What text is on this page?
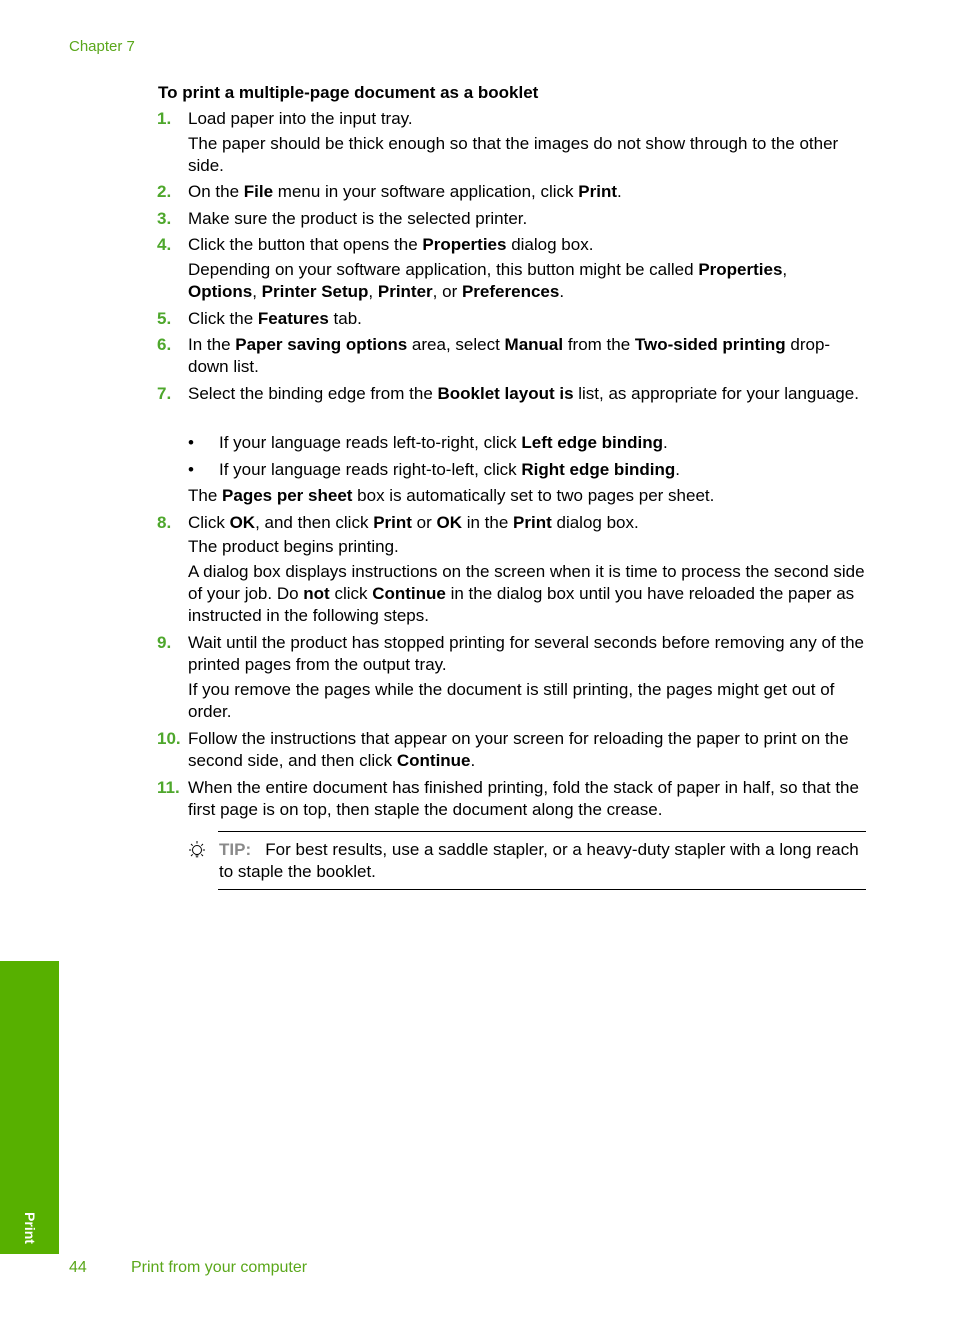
Chapter 7
To print a multiple-page document as a booklet
1. Load paper into the input tray.
The paper should be thick enough so that the images do not show through to the other side.
2. On the File menu in your software application, click Print.
3. Make sure the product is the selected printer.
4. Click the button that opens the Properties dialog box.
Depending on your software application, this button might be called Properties,
Options, Printer Setup, Printer, or Preferences.
5. Click the Features tab.
6. In the Paper saving options area, select Manual from the Two-sided printing drop-down list.
7. Select the binding edge from the Booklet layout is list, as appropriate for your language.
• If your language reads left-to-right, click Left edge binding.
• If your language reads right-to-left, click Right edge binding.
The Pages per sheet box is automatically set to two pages per sheet.
8. Click OK, and then click Print or OK in the Print dialog box.
The product begins printing.
A dialog box displays instructions on the screen when it is time to process the second side of your job. Do not click Continue in the dialog box until you have reloaded the paper as instructed in the following steps.
9. Wait until the product has stopped printing for several seconds before removing any of the printed pages from the output tray.
If you remove the pages while the document is still printing, the pages might get out of order.
10. Follow the instructions that appear on your screen for reloading the paper to print on the second side, and then click Continue.
11. When the entire document has finished printing, fold the stack of paper in half, so that the first page is on top, then staple the document along the crease.
TIP: For best results, use a saddle stapler, or a heavy-duty stapler with a long reach to staple the booklet.
Print
44	Print from your computer
